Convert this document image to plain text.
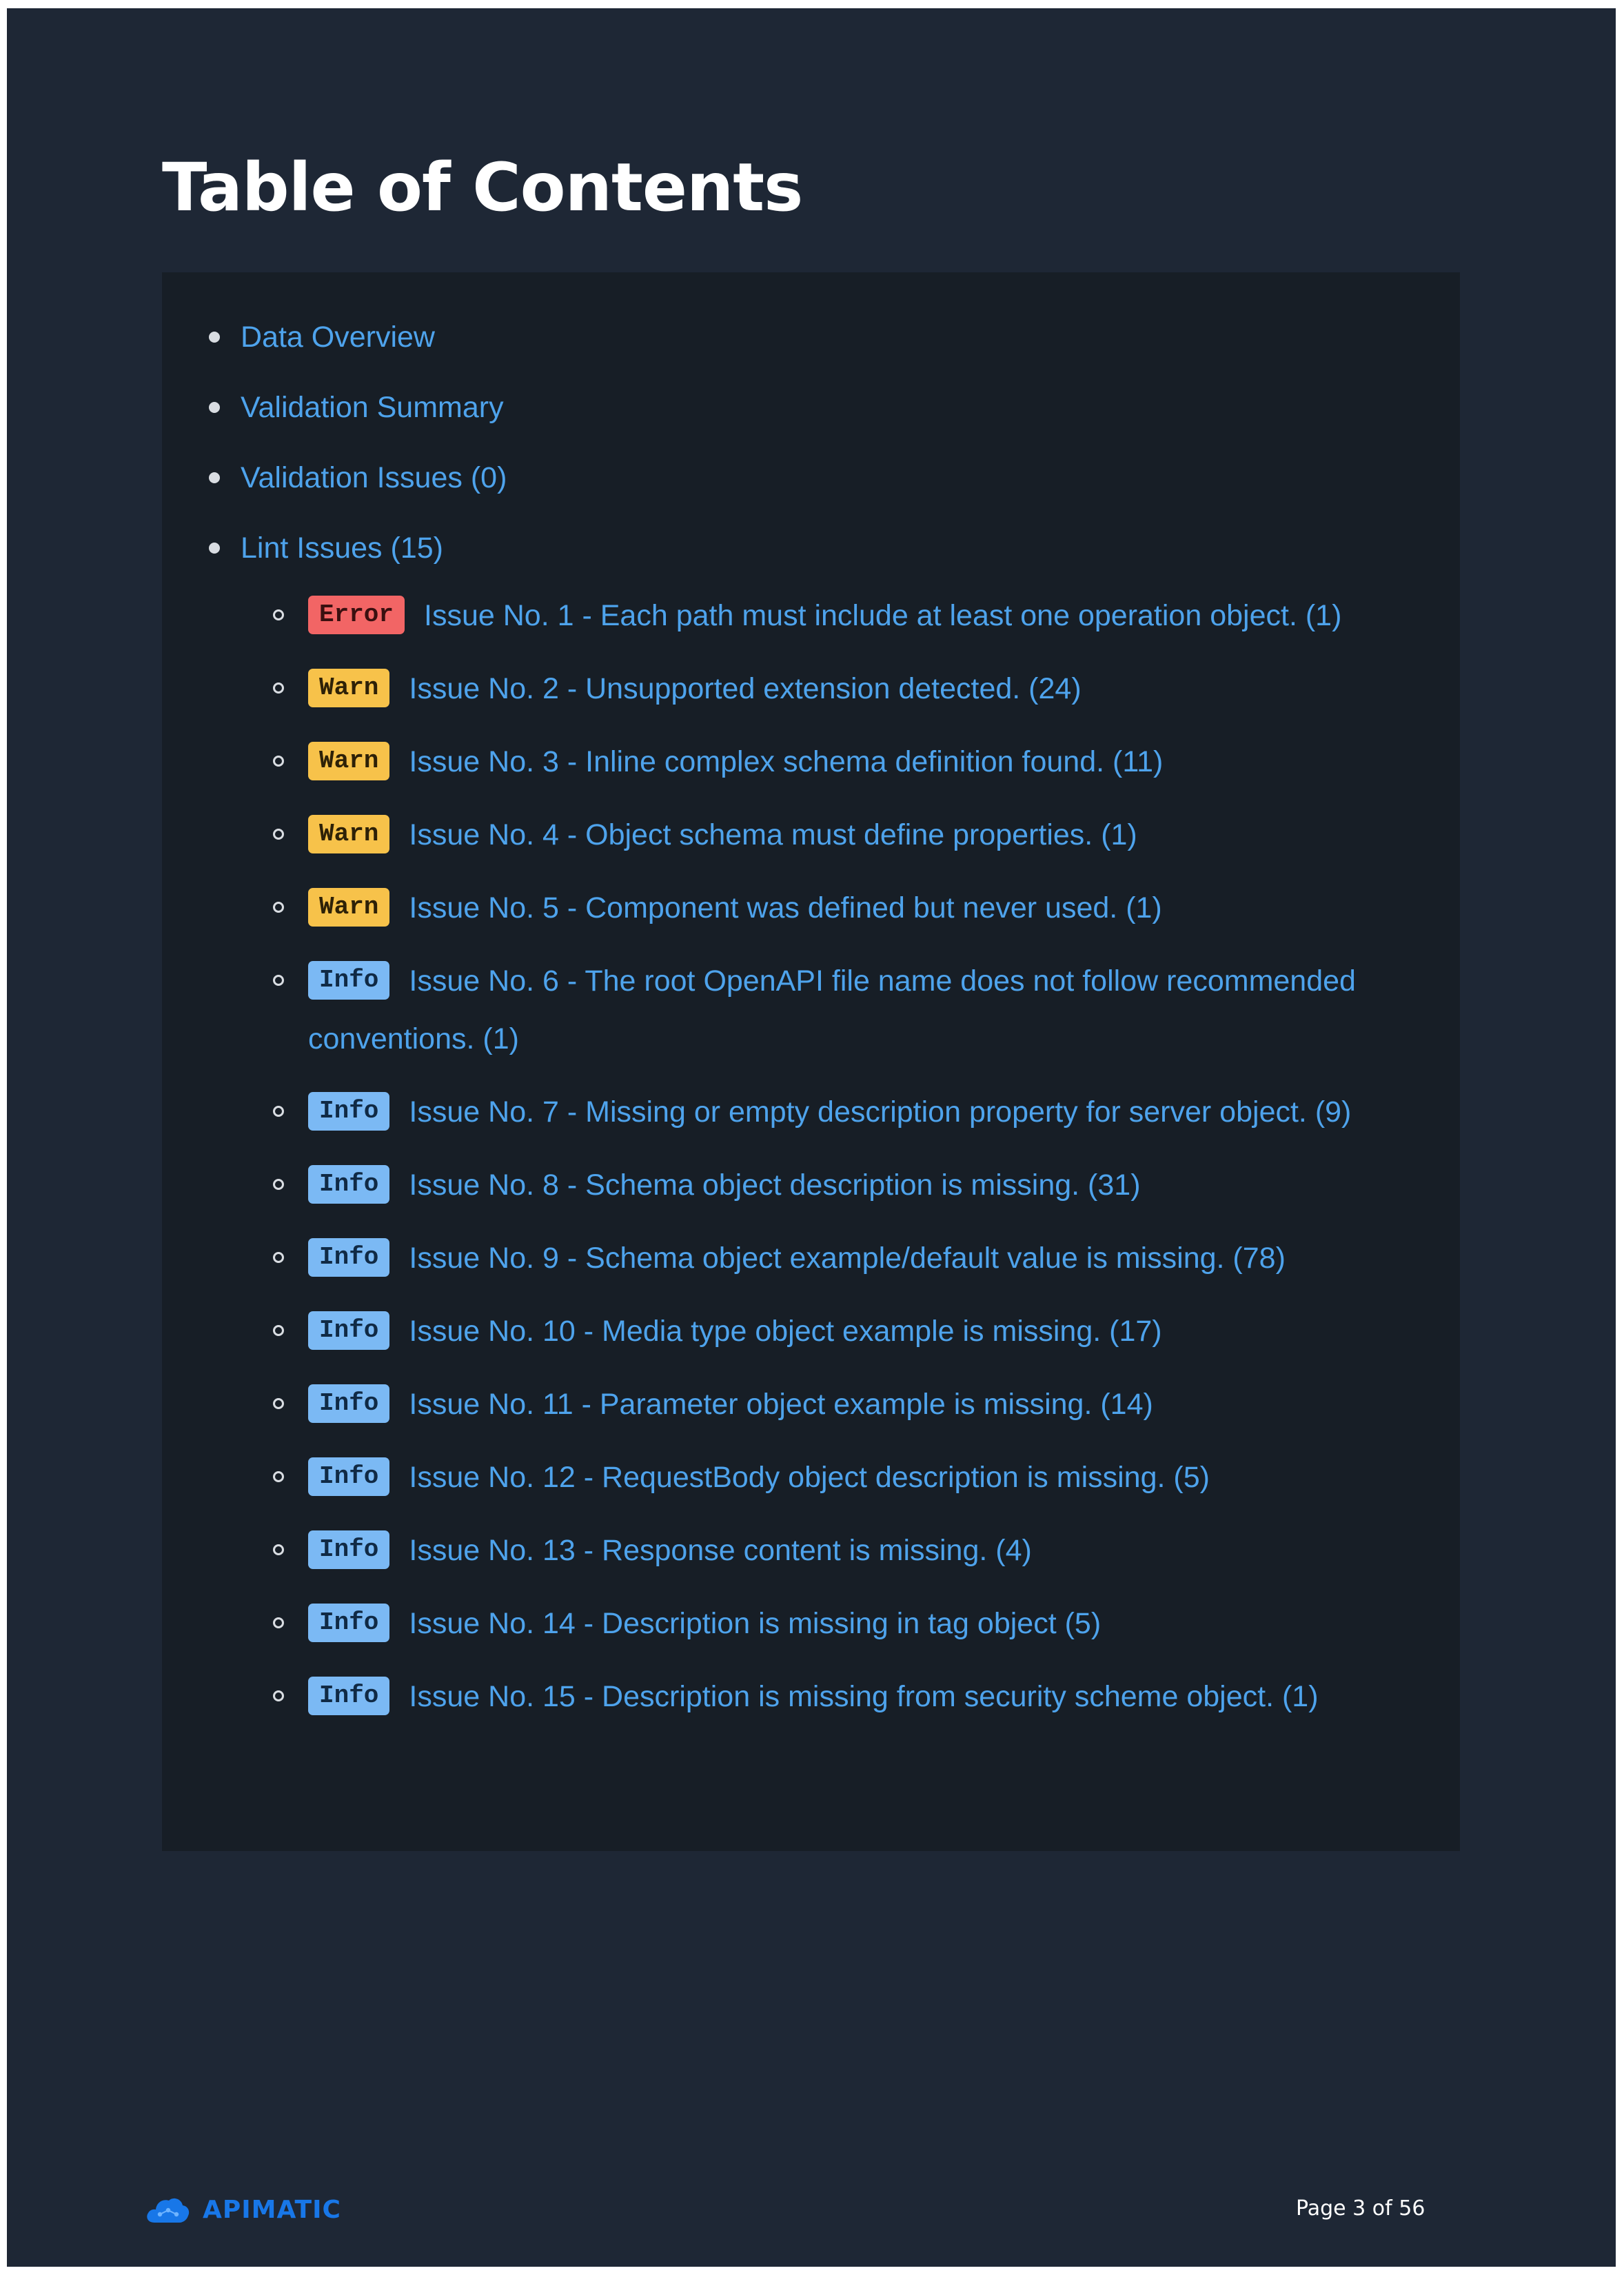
Table of Contents
Data Overview
Validation Summary
Validation Issues (0)
Lint Issues (15)
Error Issue No. 1 - Each path must include at least one operation object. (1)
Warn Issue No. 2 - Unsupported extension detected. (24)
Warn Issue No. 3 - Inline complex schema definition found. (11)
Warn Issue No. 4 - Object schema must define properties. (1)
Warn Issue No. 5 - Component was defined but never used. (1)
Info Issue No. 6 - The root OpenAPI file name does not follow recommended conventions. (1)
Info Issue No. 7 - Missing or empty description property for server object. (9)
Info Issue No. 8 - Schema object description is missing. (31)
Info Issue No. 9 - Schema object example/default value is missing. (78)
Info Issue No. 10 - Media type object example is missing. (17)
Info Issue No. 11 - Parameter object example is missing. (14)
Info Issue No. 12 - RequestBody object description is missing. (5)
Info Issue No. 13 - Response content is missing. (4)
Info Issue No. 14 - Description is missing in tag object (5)
Info Issue No. 15 - Description is missing from security scheme object. (1)
APIMATIC	Page 3 of 56
